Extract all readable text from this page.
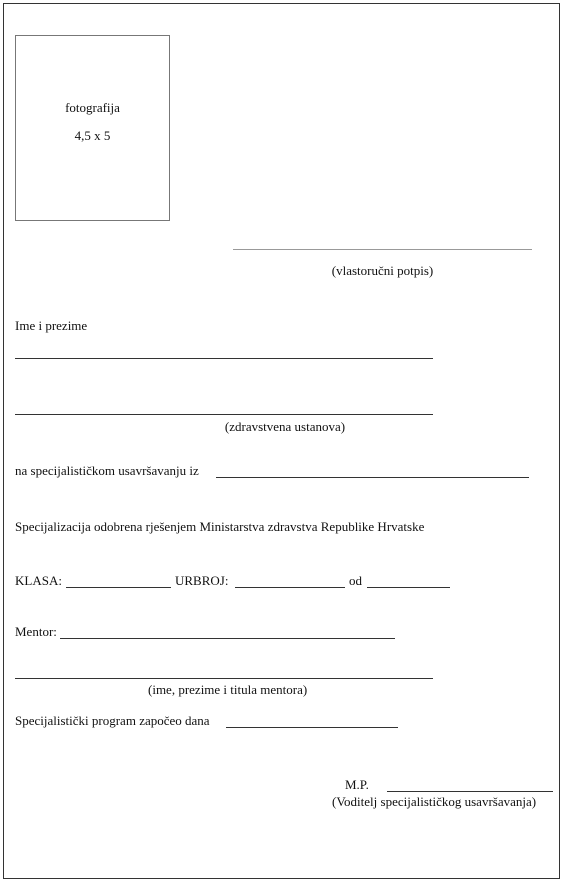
fotografija
4,5 x 5
(vlastoručni potpis)
Ime i prezime
(zdravstvena ustanova)
na specijalističkom usavršavanju iz
Specijalizacija odobrena rješenjem Ministarstva zdravstva Republike Hrvatske
KLASA:	URBROJ:	od
Mentor:
(ime, prezime i titula mentora)
Specijalistički program započeo dana
M.P.
(Voditelj specijalističkog usavršavanja)
